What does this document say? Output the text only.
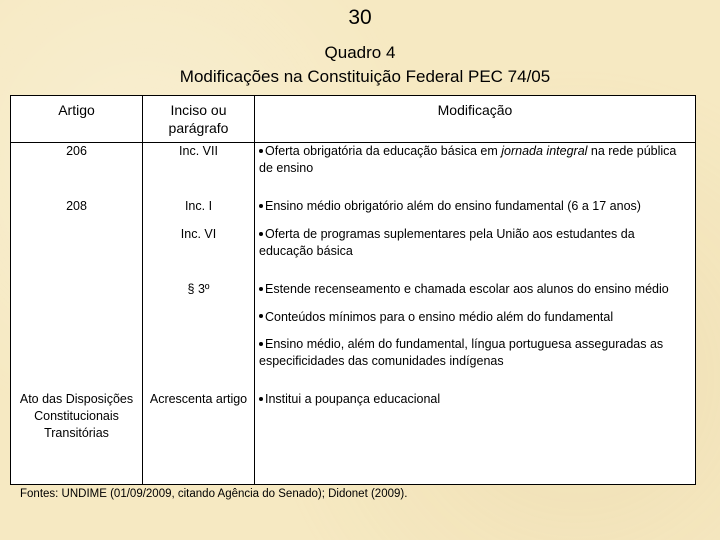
30
Quadro 4
Modificações na Constituição Federal PEC 74/05
Artigo	Inciso ou parágrafo	Modificação
206	Inc. VII	Oferta obrigatória da educação básica em jornada integral na rede pública de ensino
208	Inc. I	Ensino médio obrigatório além do ensino fundamental (6 a 17 anos)
	Inc. VI	Oferta de programas suplementares pela União aos estudantes da educação básica
	§ 3º	Estende recenseamento e chamada escolar aos alunos do ensino médio
		Conteúdos mínimos para o ensino médio além do fundamental
		Ensino médio, além do fundamental, língua portuguesa asseguradas as especificidades das comunidades indígenas
Ato das Disposições Constitucionais Transitórias	Acrescenta artigo	Institui a poupança educacional
Fontes: UNDIME (01/09/2009, citando Agência do Senado); Didonet (2009).
